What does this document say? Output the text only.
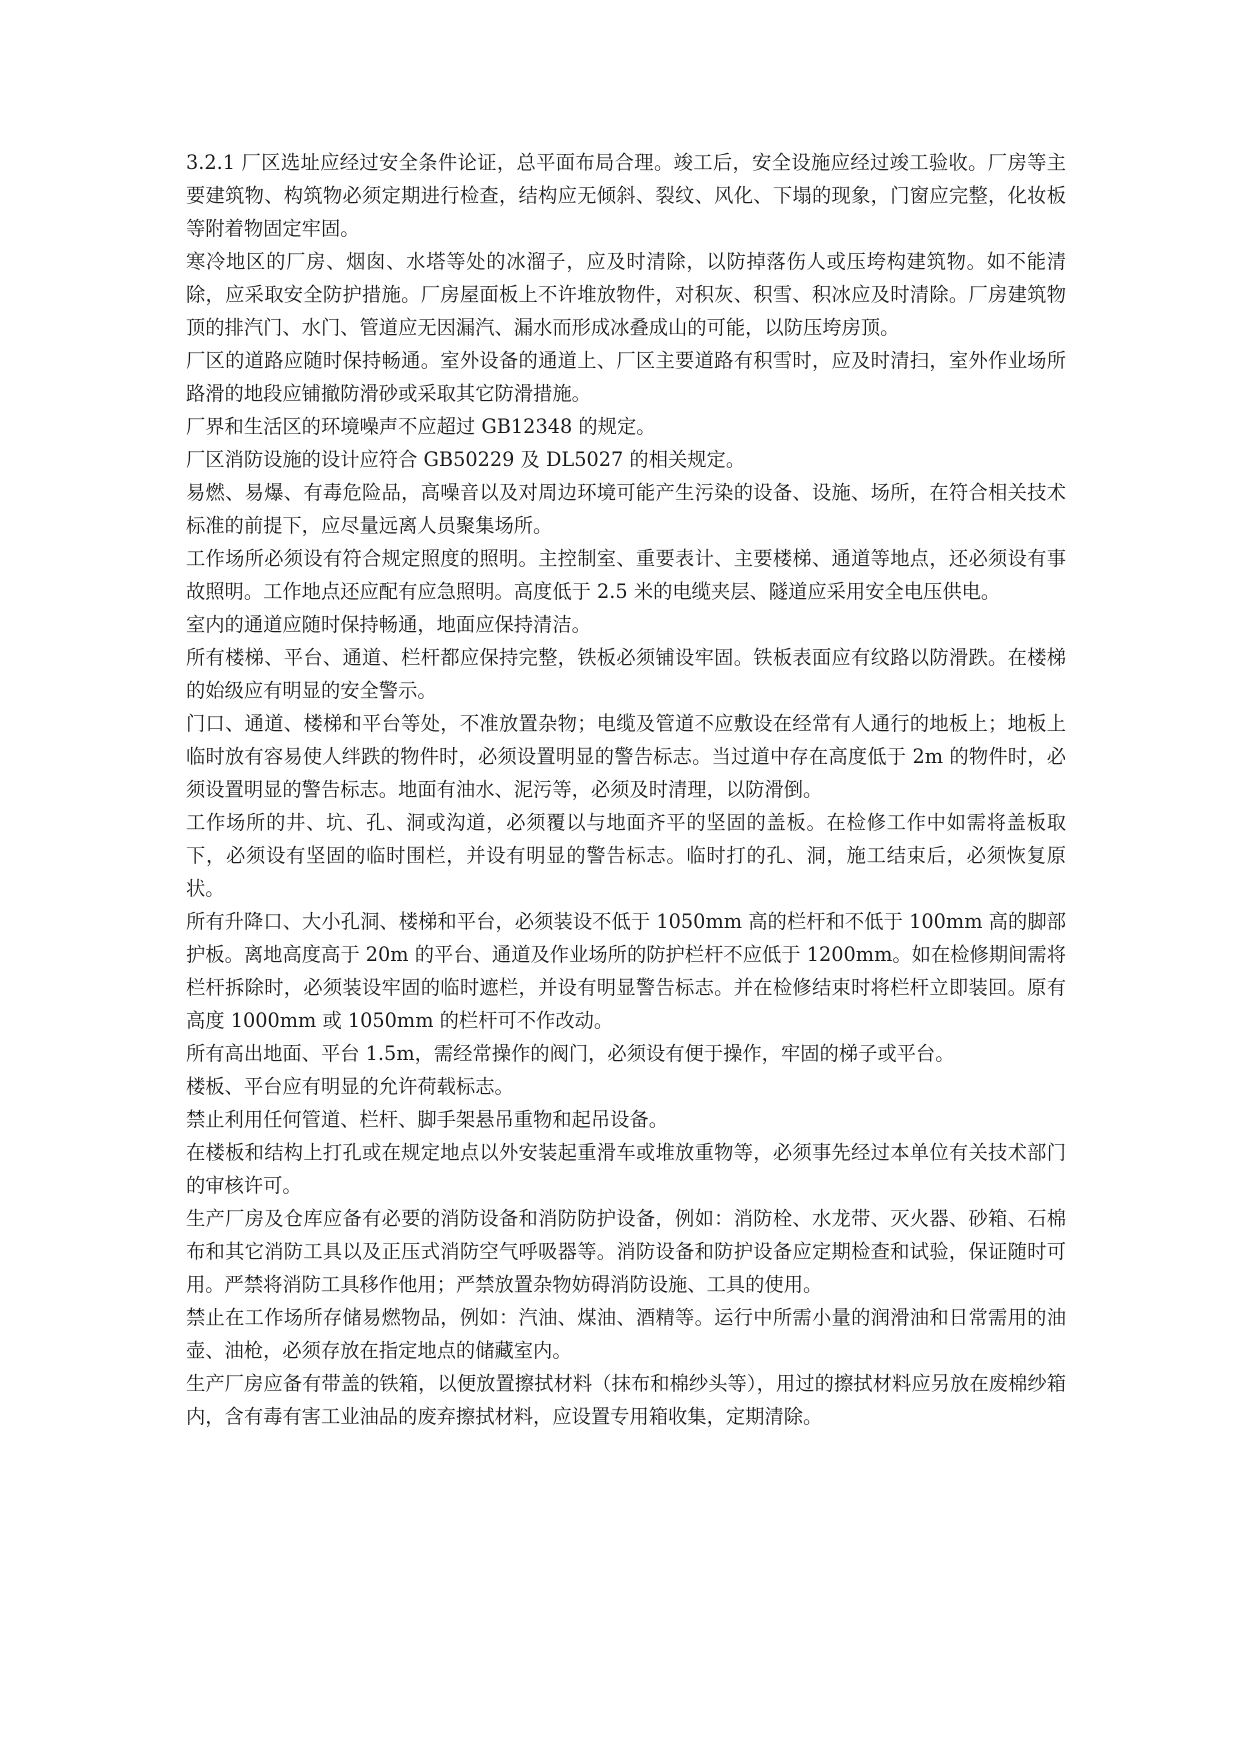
3.2.1 厂区选址应经过安全条件论证，总平面布局合理。竣工后，安全设施应经过竣工验收。厂房等主要建筑物、构筑物必须定期进行检查，结构应无倾斜、裂纹、风化、下塌的现象，门窗应完整，化妆板等附着物固定牢固。

寒冷地区的厂房、烟囱、水塔等处的冰溜子，应及时清除，以防掉落伤人或压垮构建筑物。如不能清除，应采取安全防护措施。厂房屋面板上不许堆放物件，对积灰、积雪、积冰应及时清除。厂房建筑物顶的排汽门、水门、管道应无因漏汽、漏水而形成冰叠成山的可能，以防压垮房顶。

厂区的道路应随时保持畅通。室外设备的通道上、厂区主要道路有积雪时，应及时清扫，室外作业场所路滑的地段应铺撤防滑砂或采取其它防滑措施。

厂界和生活区的环境噪声不应超过 GB12348 的规定。

厂区消防设施的设计应符合 GB50229 及 DL5027 的相关规定。

易燃、易爆、有毒危险品，高噪音以及对周边环境可能产生污染的设备、设施、场所，在符合相关技术标准的前提下，应尽量远离人员聚集场所。

工作场所必须设有符合规定照度的照明。主控制室、重要表计、主要楼梯、通道等地点，还必须设有事故照明。工作地点还应配有应急照明。高度低于 2.5 米的电缆夹层、隧道应采用安全电压供电。

室内的通道应随时保持畅通，地面应保持清洁。

所有楼梯、平台、通道、栏杆都应保持完整，铁板必须铺设牢固。铁板表面应有纹路以防滑跌。在楼梯的始级应有明显的安全警示。

门口、通道、楼梯和平台等处，不准放置杂物；电缆及管道不应敷设在经常有人通行的地板上；地板上临时放有容易使人绊跌的物件时，必须设置明显的警告标志。当过道中存在高度低于 2m 的物件时，必须设置明显的警告标志。地面有油水、泥污等，必须及时清理，以防滑倒。

工作场所的井、坑、孔、洞或沟道，必须覆以与地面齐平的坚固的盖板。在检修工作中如需将盖板取下，必须设有坚固的临时围栏，并设有明显的警告标志。临时打的孔、洞，施工结束后，必须恢复原状。

所有升降口、大小孔洞、楼梯和平台，必须装设不低于 1050mm 高的栏杆和不低于 100mm 高的脚部护板。离地高度高于 20m 的平台、通道及作业场所的防护栏杆不应低于 1200mm。如在检修期间需将栏杆拆除时，必须装设牢固的临时遮栏，并设有明显警告标志。并在检修结束时将栏杆立即装回。原有高度 1000mm 或 1050mm 的栏杆可不作改动。

所有高出地面、平台 1.5m，需经常操作的阀门，必须设有便于操作，牢固的梯子或平台。

楼板、平台应有明显的允许荷载标志。

禁止利用任何管道、栏杆、脚手架悬吊重物和起吊设备。

在楼板和结构上打孔或在规定地点以外安装起重滑车或堆放重物等，必须事先经过本单位有关技术部门的审核许可。

生产厂房及仓库应备有必要的消防设备和消防防护设备，例如：消防栓、水龙带、灭火器、砂箱、石棉布和其它消防工具以及正压式消防空气呼吸器等。消防设备和防护设备应定期检查和试验，保证随时可用。严禁将消防工具移作他用；严禁放置杂物妨碍消防设施、工具的使用。

禁止在工作场所存储易燃物品，例如：汽油、煤油、酒精等。运行中所需小量的润滑油和日常需用的油壶、油枪，必须存放在指定地点的储藏室内。

生产厂房应备有带盖的铁箱，以便放置擦拭材料（抹布和棉纱头等），用过的擦拭材料应另放在废棉纱箱内，含有毒有害工业油品的废弃擦拭材料，应设置专用箱收集，定期清除。
